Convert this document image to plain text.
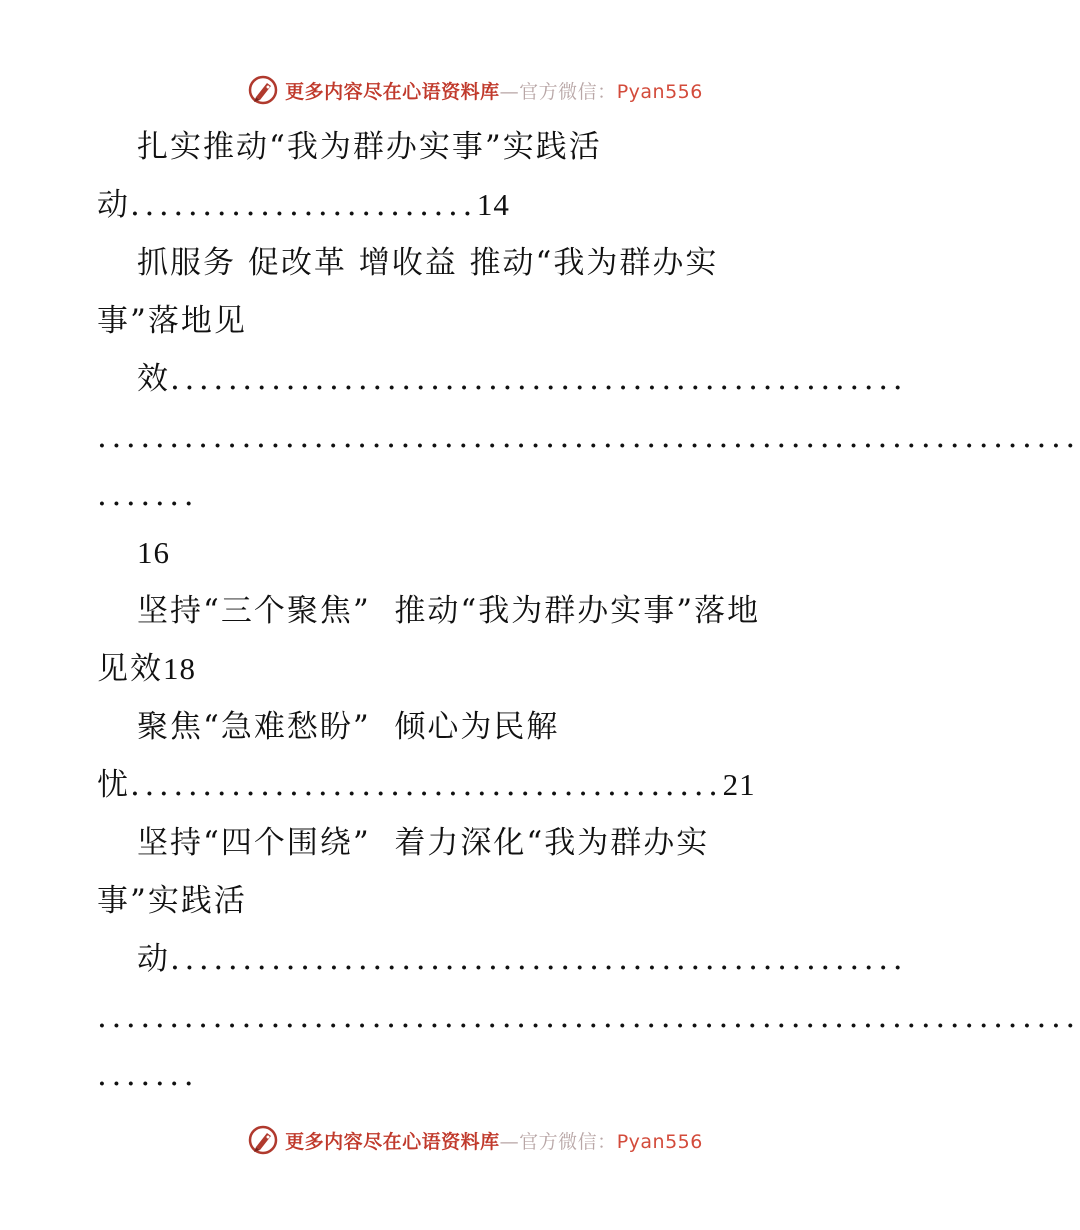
更多内容尽在心语资料库—官方微信：Pyan556
扎实推动“我为群办实事”实践活
动........................14
抓服务 促改革 增收益 推动“我为群办实
事”落地见
效...................................................
....................................................................
.......
16
坚持“三个聚焦”  推动“我为群办实事”落地
见效18
聚焦“急难愁盼”  倾心为民解
忧.........................................21
坚持“四个围绕”  着力深化“我为群办实
事”实践活
动...................................................
....................................................................
.......
更多内容尽在心语资料库—官方微信：Pyan556
